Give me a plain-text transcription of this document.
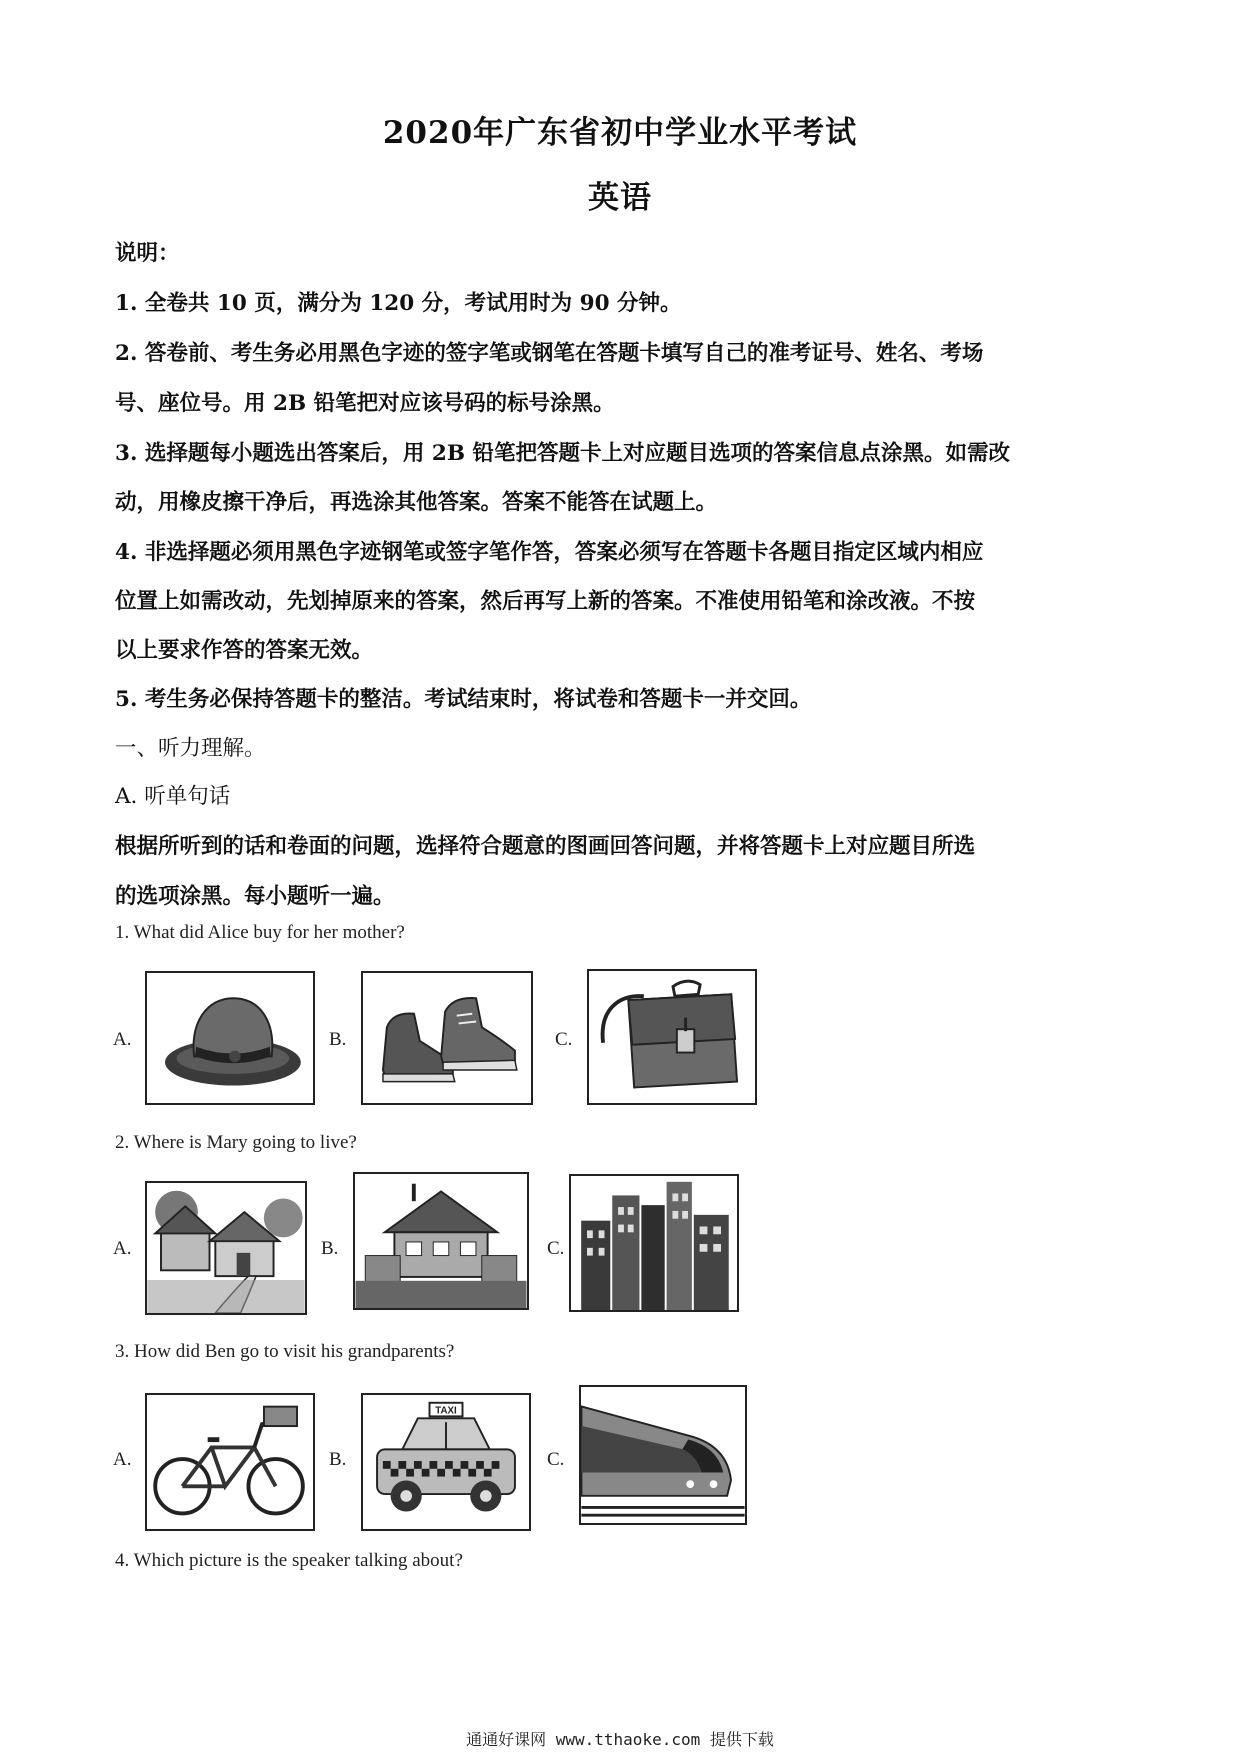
2020年广东省初中学业水平考试
英语
说明：
1. 全卷共 10 页，满分为 120 分，考试用时为 90 分钟。
2. 答卷前、考生务必用黑色字迹的签字笔或钢笔在答题卡填写自己的准考证号、姓名、考场
号、座位号。用 2B 铅笔把对应该号码的标号涂黑。
3. 选择题每小题选出答案后，用 2B 铅笔把答题卡上对应题目选项的答案信息点涂黑。如需改
动，用橡皮擦干净后，再选涂其他答案。答案不能答在试题上。
4. 非选择题必须用黑色字迹钢笔或签字笔作答，答案必须写在答题卡各题目指定区域内相应
位置上如需改动，先划掉原来的答案，然后再写上新的答案。不准使用铅笔和涂改液。不按
以上要求作答的答案无效。
5. 考生务必保持答题卡的整洁。考试结束时，将试卷和答题卡一并交回。
一、听力理解。
A. 听单句话
根据所听到的话和卷面的问题，选择符合题意的图画回答问题，并将答题卡上对应题目所选
的选项涂黑。每小题听一遍。
1. What did Alice buy for her mother?
A.	B.	C.
2. Where is Mary going to live?
A.	B.	C.
3. How did Ben go to visit his grandparents?
A.	B.
TAXI
C.
4. Which picture is the speaker talking about?
通通好课网 www.tthaoke.com 提供下载
